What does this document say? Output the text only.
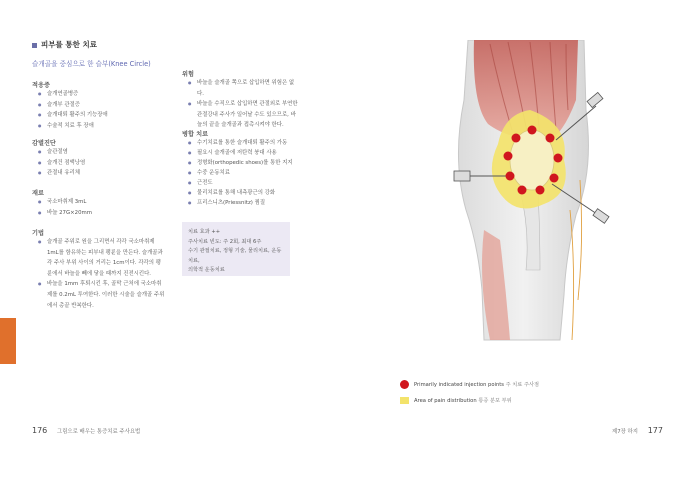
피부를 통한 치료
슬개골을 중심으로 한 슬부(Knee Circle)
적응증
● 슬개연골병증
● 슬개부 관절증
● 슬개대퇴 활주의 기능장애
● 수술적 치료 후 장애
감별진단
● 슬관절염
● 슬개건 점액낭염
● 관절내 유리체
재료
● 국소마취제 3mL
● 바늘 27G×20mm
기법
● 슬개골 주위로 원을 그리면서 각각 국소마취제 1mL를 함유하는 피부내 팽륜을 만든다. 슬개골과 각 주사 부위 사이의 거리는 1cm이다. 각각의 팽륜에서 바늘을 빼에 닿을 때까지 진전시킨다.
● 바늘을 1mm 후퇴시킨 후, 골막 근처에 국소마취제를 0.2mL 투여한다. 이러한 시술을 슬개골 주위에서 총끝 반복한다.
위험
● 바늘을 슬개골 쪽으로 삽입하면 위험은 없다.
● 바늘을 수직으로 삽입하면 관절외로 부연한 관절강내 주사가 일어날 수도 있으므로, 바늘의 끝을 슬개골과 접촉시켜야 한다.
병합 치료
● 수기치료를 통한 슬개대퇴 활주의 가동
● 필요시 슬개골에 저탄력 붕대 사용
● 정형화(orthopedic shoes)를 통한 지지
● 수중 운동치료
● 근전도
● 물리치료를 통해 내측광근의 강화
● 프리스니츠(Priessnitz) 찜질
치료 효과 ++
주사치료 빈도: 주 2회, 최대 6주
수기 관절치료, 정형 기술, 물리치료, 운동치료,
의학적 운동치료
Primarily indicated injection points 주 치료 주사점
Area of pain distribution 통증 분포 부위
176 그림으로 배우는 통증치료 주사요법	제7장 하지 177
